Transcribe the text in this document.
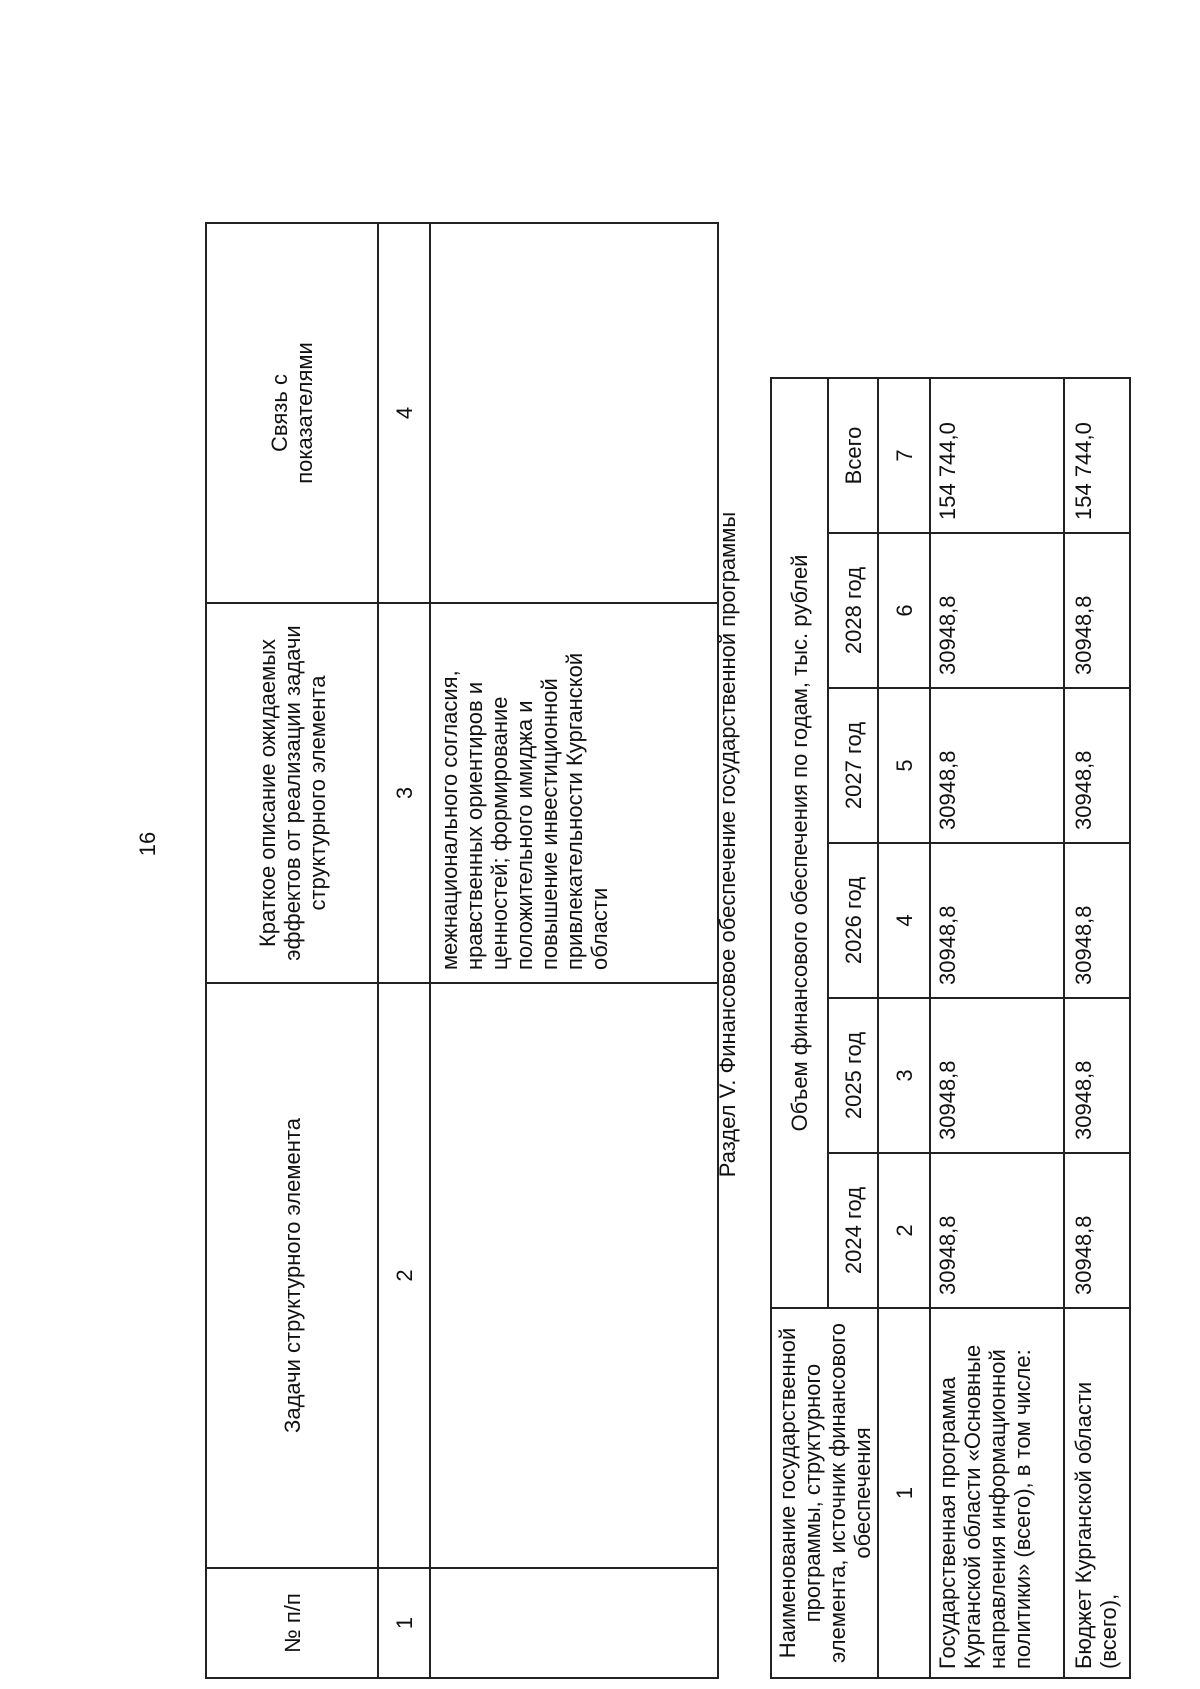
16
№ п/п	Задачи структурного элемента	Краткое описание ожидаемых эффектов от реализации задачи структурного элемента	Связь с показателями
1	2	3	4
		межнационального согласия, нравственных ориентиров и ценностей; формирование положительного имиджа и повышение инвестиционной привлекательности Курганской области		Раздел V. Финансовое обеспечение государственной программы
Наименование государственной программы, структурного элемента, источник финансового обеспечения	Объем финансового обеспечения по годам, тыс. рублей					
	2024 год	2025 год	2026 год	2027 год	2028 год	Всего
1	2	3	4	5	6	7
Государственная программа Курганской области «Основные направления информационной политики» (всего), в том числе:	30948,8	30948,8	30948,8	30948,8	30948,8	154 744,0
Бюджет Курганской области (всего),	30948,8	30948,8	30948,8	30948,8	30948,8	154 744,0
